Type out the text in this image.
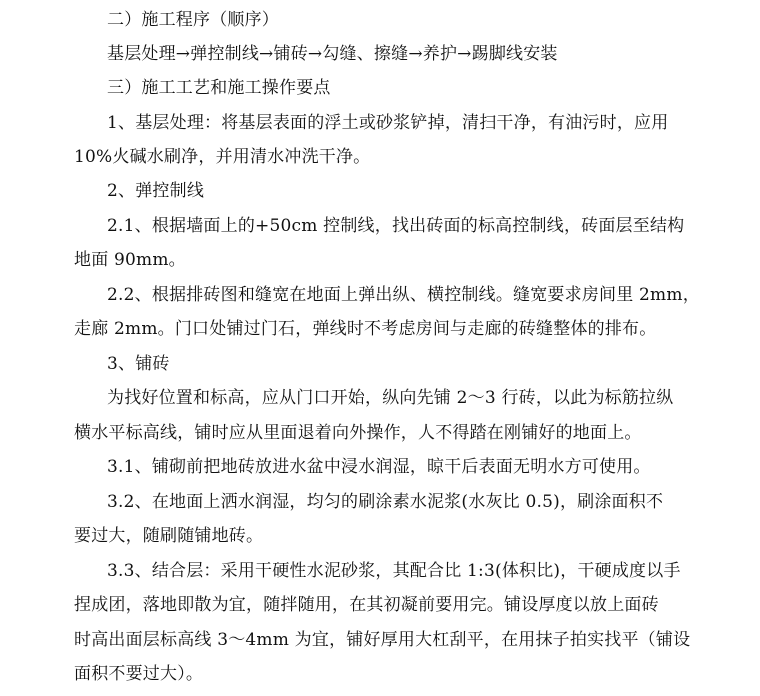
二）施工程序（顺序）
基层处理→弹控制线→铺砖→勾缝、擦缝→养护→踢脚线安装
三）施工工艺和施工操作要点
1、基层处理：将基层表面的浮土或砂浆铲掉，清扫干净，有油污时，应用
10%火碱水刷净，并用清水冲洗干净。
2、弹控制线
2.1、根据墙面上的+50cm 控制线，找出砖面的标高控制线，砖面层至结构
地面 90mm。
2.2、根据排砖图和缝宽在地面上弹出纵、横控制线。缝宽要求房间里 2mm，
走廊 2mm。门口处铺过门石，弹线时不考虑房间与走廊的砖缝整体的排布。
3、铺砖
为找好位置和标高，应从门口开始，纵向先铺 2～3 行砖，以此为标筋拉纵
横水平标高线，铺时应从里面退着向外操作，人不得踏在刚铺好的地面上。
3.1、铺砌前把地砖放进水盆中浸水润湿，晾干后表面无明水方可使用。
3.2、在地面上洒水润湿，均匀的刷涂素水泥浆(水灰比 0.5)，刷涂面积不
要过大，随刷随铺地砖。
3.3、结合层：采用干硬性水泥砂浆，其配合比 1:3(体积比)，干硬成度以手
捏成团，落地即散为宜，随拌随用，在其初凝前要用完。铺设厚度以放上面砖
时高出面层标高线 3～4mm 为宜，铺好厚用大杠刮平，在用抹子拍实找平（铺设
面积不要过大）。
